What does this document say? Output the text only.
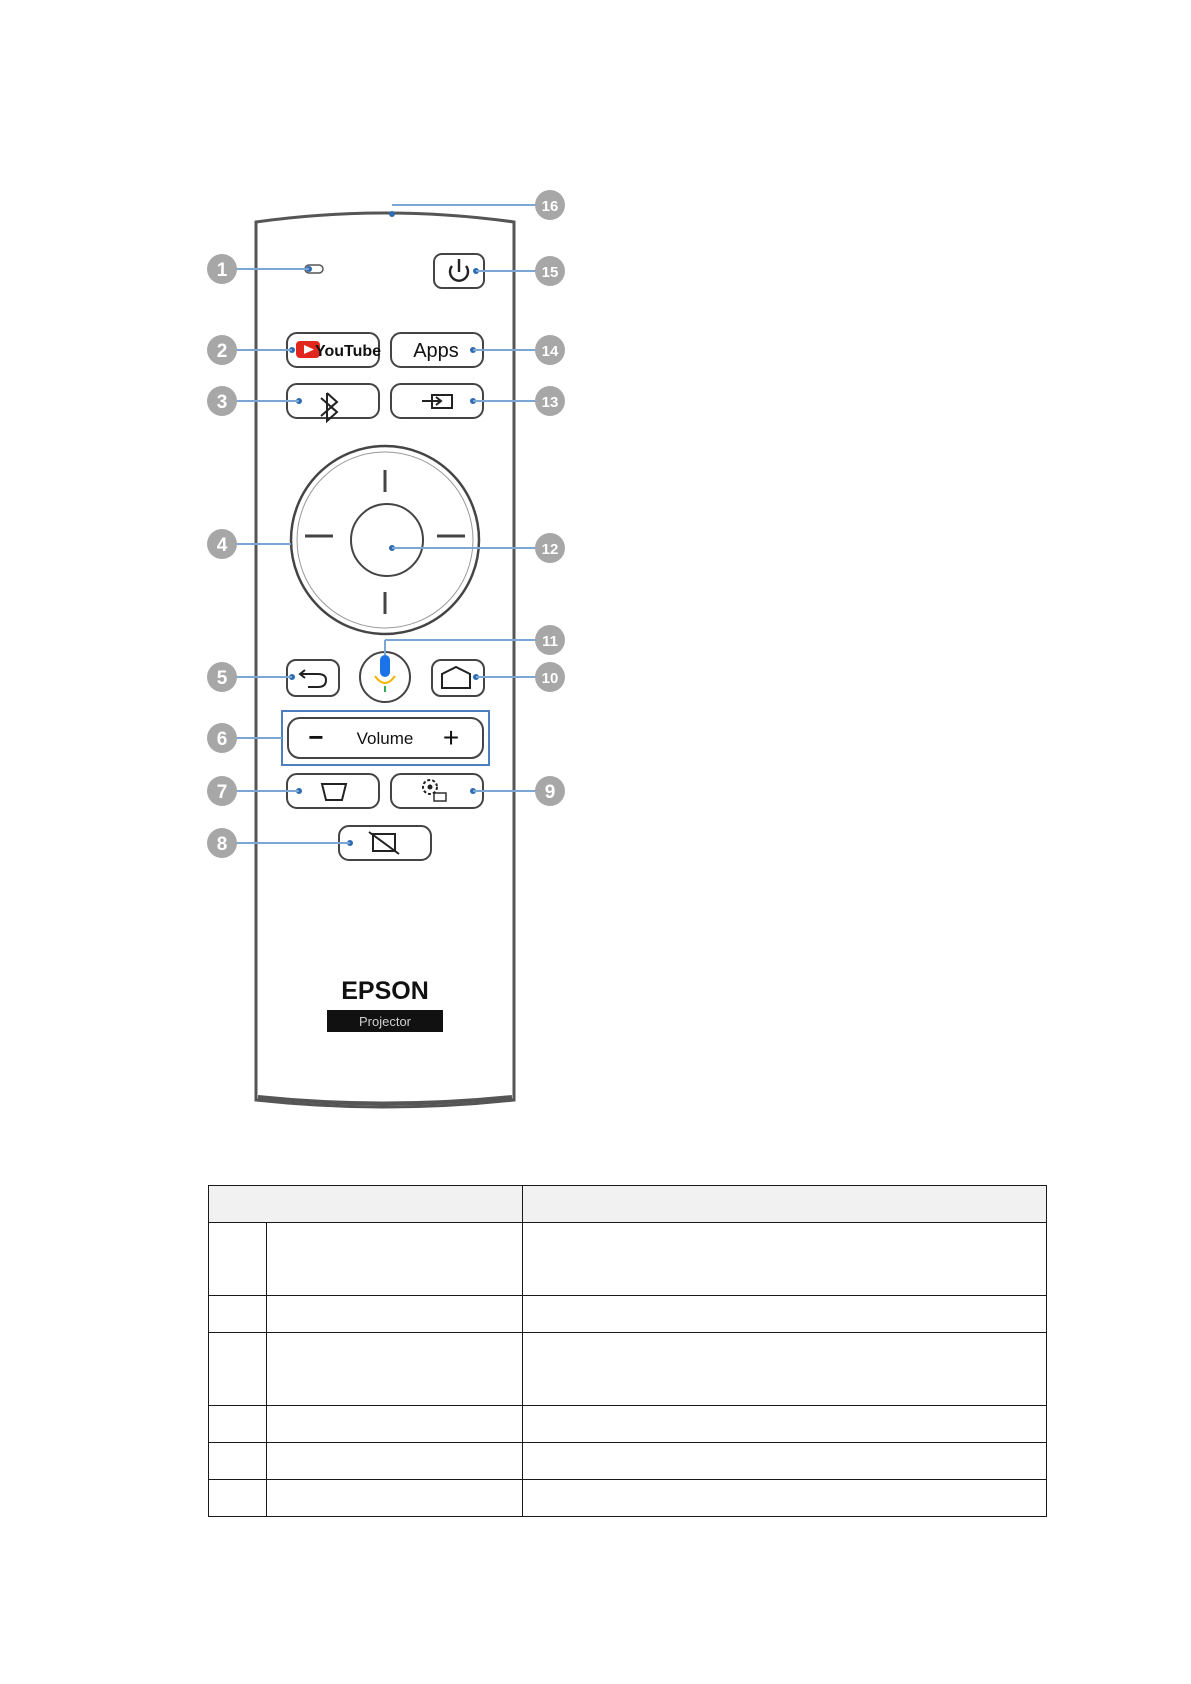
YouTube Apps
− Volume +
EPSON
Projector
1
2
3
4
5
6
7
8
9
10
11
12
13
14
15
16
